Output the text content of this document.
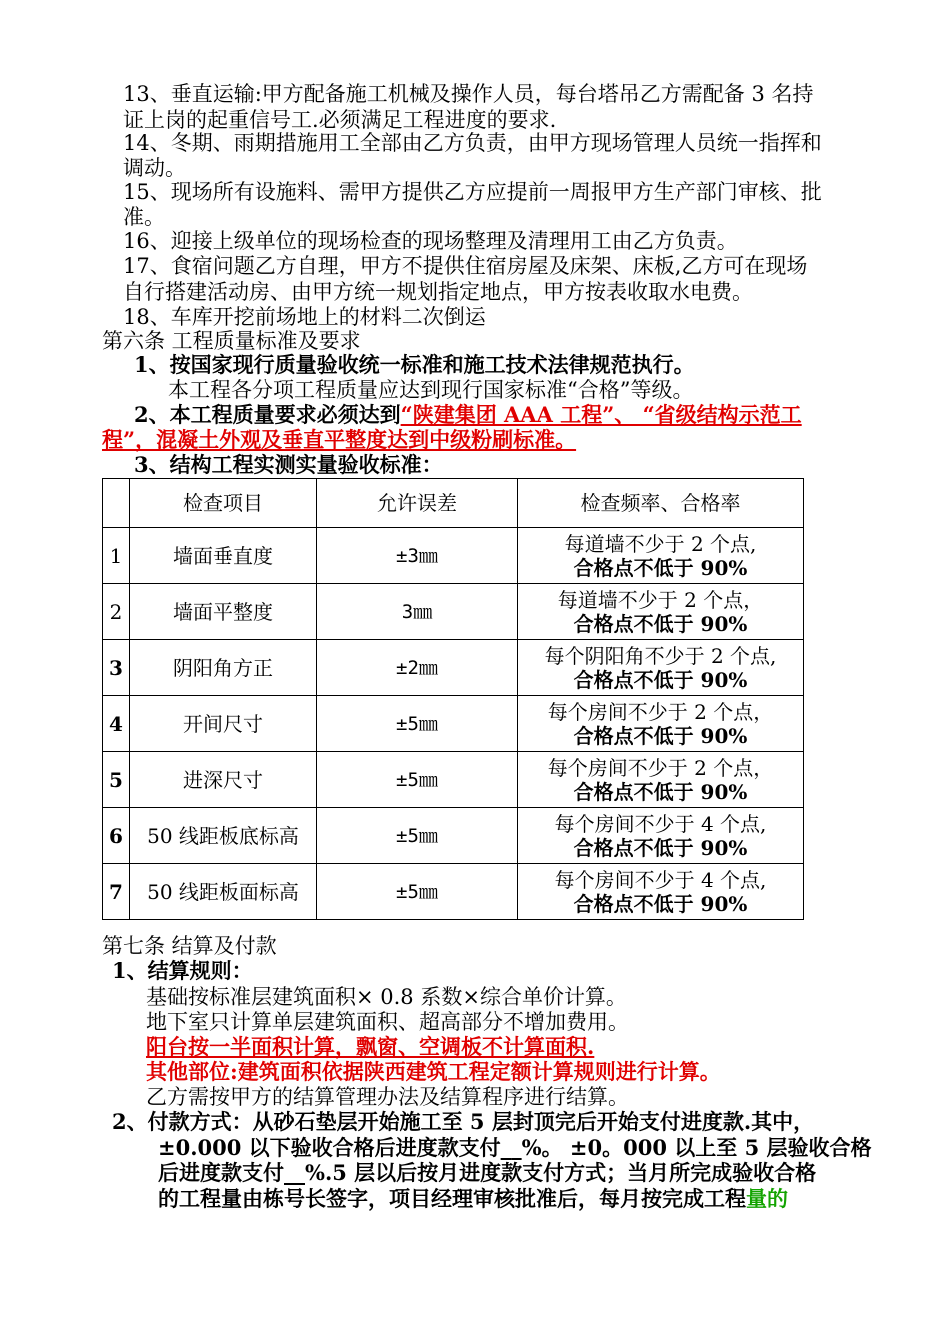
13、垂直运输:甲方配备施工机械及操作人员，每台塔吊乙方需配备 3 名持
证上岗的起重信号工.必须满足工程进度的要求.
14、冬期、雨期措施用工全部由乙方负责，由甲方现场管理人员统一指挥和
调动。
15、现场所有设施料、需甲方提供乙方应提前一周报甲方生产部门审核、批
准。
16、迎接上级单位的现场检查的现场整理及清理用工由乙方负责。
17、食宿问题乙方自理，甲方不提供住宿房屋及床架、床板,乙方可在现场
自行搭建活动房、由甲方统一规划指定地点，甲方按表收取水电费。
18、车库开挖前场地上的材料二次倒运
第六条 工程质量标准及要求
1、按国家现行质量验收统一标准和施工技术法律规范执行。
本工程各分项工程质量应达到现行国家标准“合格”等级。
2、本工程质量要求必须达到“陕建集团 AAA 工程”、 “省级结构示范工
程”，混凝土外观及垂直平整度达到中级粉刷标准。
3、结构工程实测实量验收标准：
	检查项目	允许误差	检查频率、合格率
1	墙面垂直度	±3㎜	每道墙不少于 2 个点,
合格点不低于 90%

2	墙面平整度	3㎜	每道墙不少于 2 个点，
合格点不低于 90%

3	阴阳角方正	±2㎜	每个阴阳角不少于 2 个点,
合格点不低于 90%

4	开间尺寸	±5㎜	每个房间不少于 2 个点，
合格点不低于 90%

5	进深尺寸	±5㎜	每个房间不少于 2 个点，
合格点不低于 90%

6	50 线距板底标高	±5㎜	每个房间不少于 4 个点,
合格点不低于 90%

7	50 线距板面标高	±5㎜	每个房间不少于 4 个点,
合格点不低于 90%
第七条 结算及付款
1、结算规则：
基础按标准层建筑面积× 0.8 系数×综合单价计算。
地下室只计算单层建筑面积、超高部分不增加费用。
阳台按一半面积计算，飘窗、空调板不计算面积.
其他部位:建筑面积依据陕西建筑工程定额计算规则进行计算。
乙方需按甲方的结算管理办法及结算程序进行结算。
2、付款方式：从砂石垫层开始施工至 5 层封顶完后开始支付进度款.其中，
±0.000 以下验收合格后进度款支付__%。 ±0。000 以上至 5 层验收合格
后进度款支付__%.5 层以后按月进度款支付方式；当月所完成验收合格
的工程量由栋号长签字，项目经理审核批准后，每月按完成工程量的
